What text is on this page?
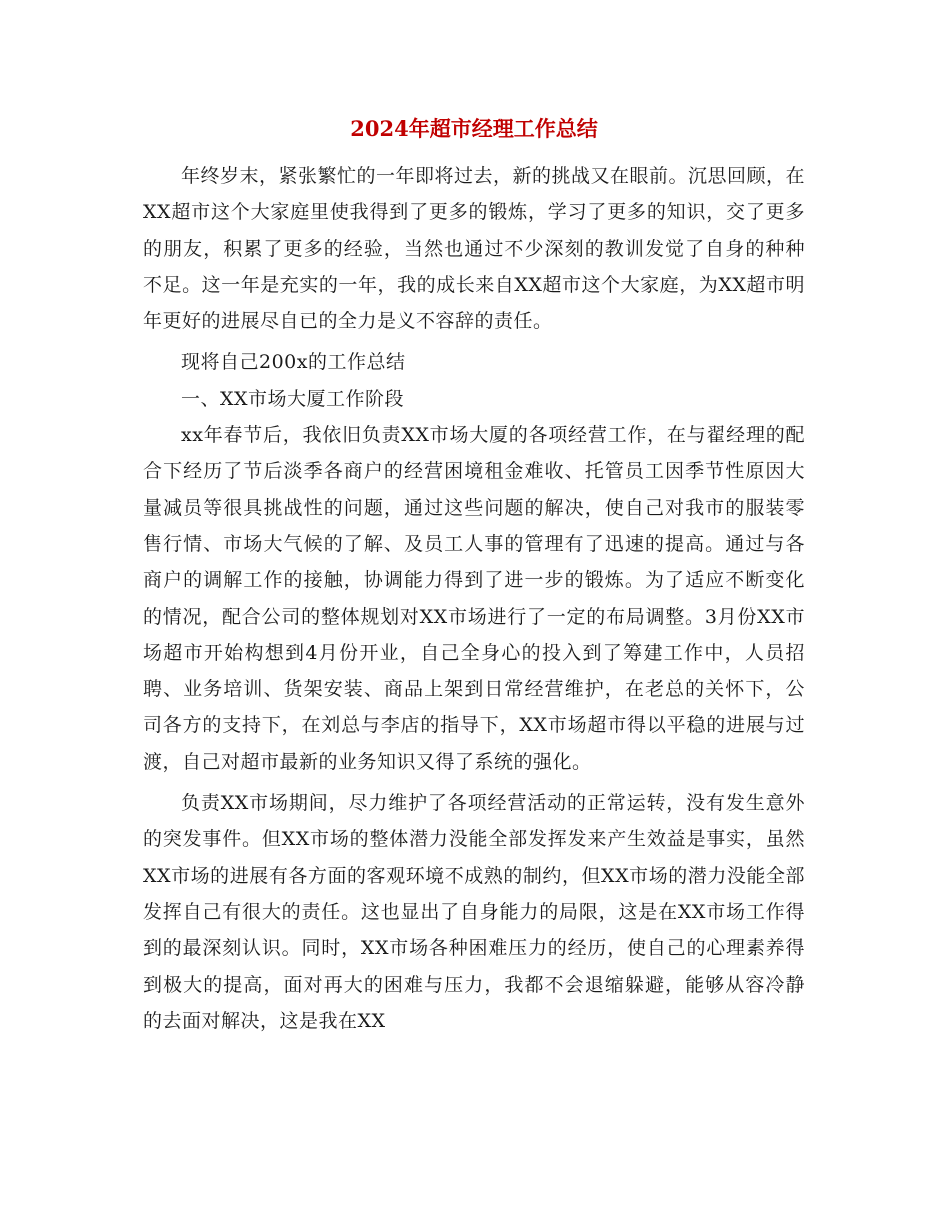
2024年超市经理工作总结

年终岁末，紧张繁忙的一年即将过去，新的挑战又在眼前。沉思回顾，在XX超市这个大家庭里使我得到了更多的锻炼，学习了更多的知识，交了更多的朋友，积累了更多的经验，当然也通过不少深刻的教训发觉了自身的种种不足。这一年是充实的一年，我的成长来自XX超市这个大家庭，为XX超市明年更好的进展尽自已的全力是义不容辞的责任。

现将自己200x的工作总结

一、XX市场大厦工作阶段

xx年春节后，我依旧负责XX市场大厦的各项经营工作，在与翟经理的配合下经历了节后淡季各商户的经营困境租金难收、托管员工因季节性原因大量减员等很具挑战性的问题，通过这些问题的解决，使自己对我市的服装零售行情、市场大气候的了解、及员工人事的管理有了迅速的提高。通过与各商户的调解工作的接触，协调能力得到了进一步的锻炼。为了适应不断变化的情况，配合公司的整体规划对XX市场进行了一定的布局调整。3月份XX市场超市开始构想到4月份开业，自己全身心的投入到了筹建工作中，人员招聘、业务培训、货架安装、商品上架到日常经营维护，在老总的关怀下，公司各方的支持下，在刘总与李店的指导下，XX市场超市得以平稳的进展与过渡，自己对超市最新的业务知识又得了系统的强化。

负责XX市场期间，尽力维护了各项经营活动的正常运转，没有发生意外的突发事件。但XX市场的整体潜力没能全部发挥发来产生效益是事实，虽然XX市场的进展有各方面的客观环境不成熟的制约，但XX市场的潜力没能全部发挥自己有很大的责任。这也显出了自身能力的局限，这是在XX市场工作得到的最深刻认识。同时，XX市场各种困难压力的经历，使自己的心理素养得到极大的提高，面对再大的困难与压力，我都不会退缩躲避，能够从容冷静的去面对解决，这是我在XX
